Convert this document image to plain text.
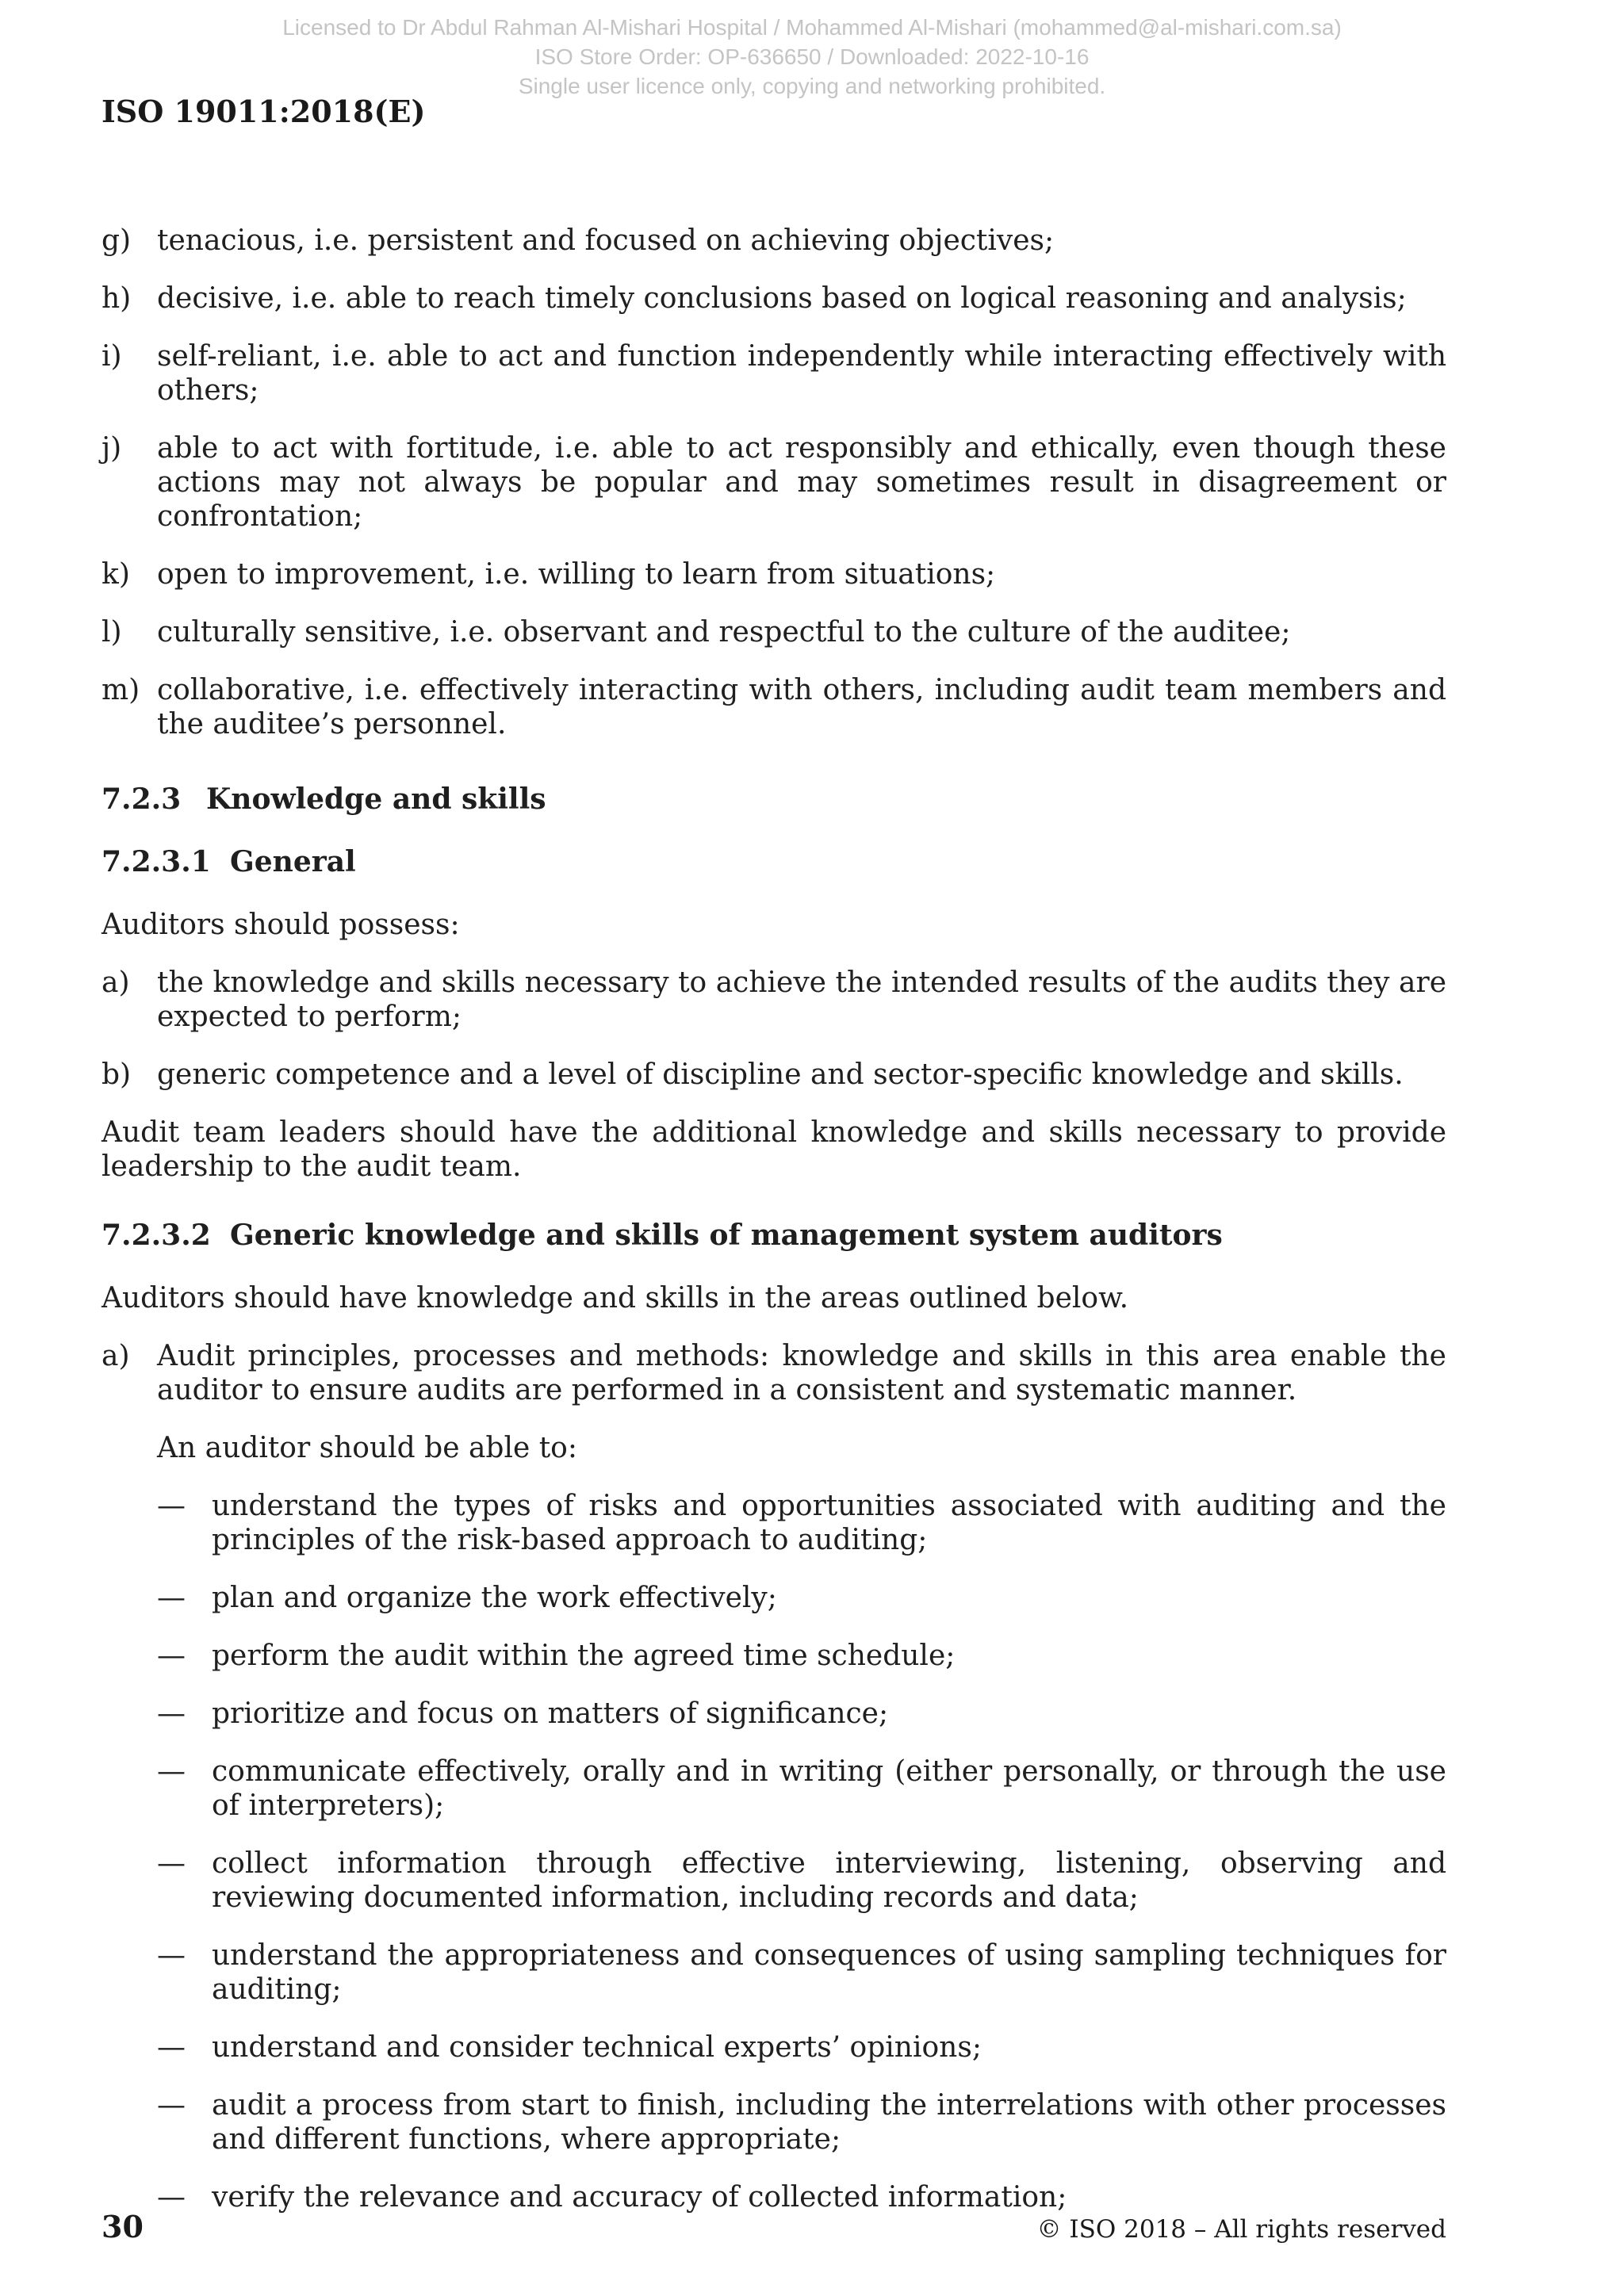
Licensed to Dr Abdul Rahman Al-Mishari Hospital / Mohammed Al-Mishari (mohammed@al-mishari.com.sa)
ISO Store Order: OP-636650 / Downloaded: 2022-10-16
Single user licence only, copying and networking prohibited.
ISO 19011:2018(E)
g) tenacious, i.e. persistent and focused on achieving objectives;
h) decisive, i.e. able to reach timely conclusions based on logical reasoning and analysis;
i) self-reliant, i.e. able to act and function independently while interacting effectively with others;
j) able to act with fortitude, i.e. able to act responsibly and ethically, even though these actions may not always be popular and may sometimes result in disagreement or confrontation;
k) open to improvement, i.e. willing to learn from situations;
l) culturally sensitive, i.e. observant and respectful to the culture of the auditee;
m) collaborative, i.e. effectively interacting with others, including audit team members and the auditee’s personnel.
7.2.3 Knowledge and skills
7.2.3.1 General
Auditors should possess:
a) the knowledge and skills necessary to achieve the intended results of the audits they are expected to perform;
b) generic competence and a level of discipline and sector-specific knowledge and skills.
Audit team leaders should have the additional knowledge and skills necessary to provide leadership to the audit team.
7.2.3.2 Generic knowledge and skills of management system auditors
Auditors should have knowledge and skills in the areas outlined below.
a) Audit principles, processes and methods: knowledge and skills in this area enable the auditor to ensure audits are performed in a consistent and systematic manner.
An auditor should be able to:
— understand the types of risks and opportunities associated with auditing and the principles of the risk-based approach to auditing;
— plan and organize the work effectively;
— perform the audit within the agreed time schedule;
— prioritize and focus on matters of significance;
— communicate effectively, orally and in writing (either personally, or through the use of interpreters);
— collect information through effective interviewing, listening, observing and reviewing documented information, including records and data;
— understand the appropriateness and consequences of using sampling techniques for auditing;
— understand and consider technical experts’ opinions;
— audit a process from start to finish, including the interrelations with other processes and different functions, where appropriate;
— verify the relevance and accuracy of collected information;
30	© ISO 2018 – All rights reserved
